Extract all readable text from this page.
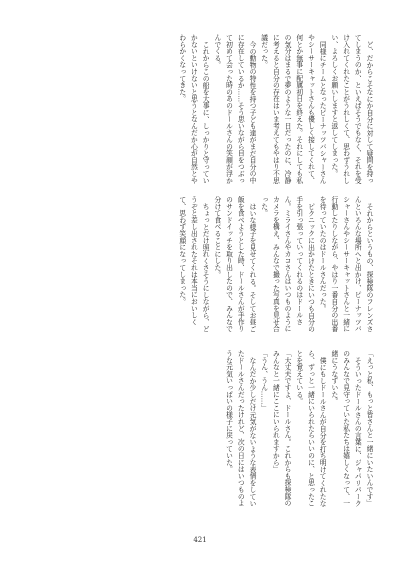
ど、だからこそなにか自分に対して疑問を持ってしまうのか、といえばそうでもなく、それを受け入れてくれたことがうれしくて、思わずうれしい、よろしくお願いしますと返してしまった。

同様にチームとなったピーナッツバシャーさんやシーサーキャットさんも優しく接してくれて、何とか無事に配属初日を終えた。それにしても私の気分はまるで夢のような一日だったのに、冷静に考えると自分の存在はいま考えてもやはり不思議だった。

今の動物の特性を持つ子ども達がまだ自分の中に存在しているか……そう思いながら目をつぶって初めて会った時のあのドールさんの笑顔が浮かんでくる。

これからこの船を大事に、しっかりと守っていかないといけないと思うとなんだか心が自然とやわらかくなってきた。

それからというもの、探検隊のフレンズさんといろんな場所へと出かけ、ピーナッツバシャーさんやシーサーキャットさんと一緒に行動したりしながら、やはり一番自分の出番を待っていたのはドールさんだった。

ピクニックに出かけたときにいつも自分の手を引っ張っていってくれるのはドールさん。ミライさんやカコさんはいつものようにカメラを構え、みんなで撮った写真を見せ合った。

はいな様子を見せてくれる。そしてお昼ご飯を食べようとした時、ドールさんが手作りのサンドイッチを取り出したので、みんなで分けて食べることにした。

ちょっとだけ照れくさそうにしながら、どうぞと差し出されたそれは本当においしくて、思わず笑顔になってしまった。

「えっと私、もっと皆さんと一緒にいたいんです」

そういったドールさんの言葉に、ジャパリパークのみんなで見守っていた私たちは嬉しくなって、一緒にうなずいた。

僕にもしドールさんが自分を打ち明けてくれたなら、ずっと一緒にいられたらいいのに、と思ったことを覚えている。

「大丈夫ですよ、ドールさん。これからも探検隊のみんなと一緒にここにいられますから」

「うん、うん……」

なんだか少しだけ元気がないような表情をしていたドールさんだったけれど、次の日にはいつものような元気いっぱいの様子に戻っていた。

421
